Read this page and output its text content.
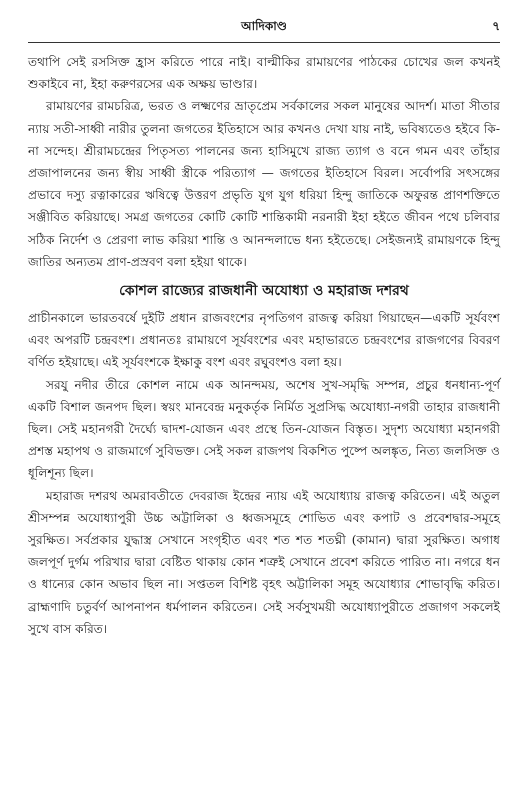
আদিকাণ্ড	৭

তথাপি সেই রসসিক্ত হ্রাস করিতে পারে নাই। বাল্মীকির রামায়ণের পাঠকের চোখের জল কখনই শুকাইবে না, ইহা করুণরসের এক অক্ষয় ভাণ্ডার।

রামায়ণের রামচরিত্র, ভরত ও লক্ষ্মণের ভ্রাতৃপ্রেম সর্বকালের সকল মানুষের আদর্শ। মাতা সীতার ন্যায় সতী-সাধ্বী নারীর তুলনা জগতের ইতিহাসে আর কখনও দেখা যায় নাই, ভবিষ্যতেও হইবে কি-না সন্দেহ। শ্রীরামচন্দ্রের পিতৃসত্য পালনের জন্য হাসিমুখে রাজ্য ত্যাগ ও বনে গমন এবং তাঁহার প্রজাপালনের জন্য স্বীয় সাধ্বী স্ত্রীকে পরিত্যাগ — জগতের ইতিহাসে বিরল। সর্বোপরি সৎসঙ্গের প্রভাবে দস্যু রত্নাকারের ঋষিত্বে উত্তরণ প্রভৃতি যুগ যুগ ধরিয়া হিন্দু জাতিকে অফুরন্ত প্রাণশক্তিতে সঞ্জীবিত করিয়াছে। সমগ্র জগতের কোটি কোটি শান্তিকামী নরনারী ইহা হইতে জীবন পথে চলিবার সঠিক নির্দেশ ও প্রেরণা লাভ করিয়া শান্তি ও আনন্দলাভে ধন্য হইতেছে। সেইজন্যই রামায়ণকে হিন্দু জাতির অন্যতম প্রাণ-প্রস্রবণ বলা হইয়া থাকে।

কোশল রাজ্যের রাজধানী অযোধ্যা ও মহারাজ দশরথ

প্রাচীনকালে ভারতবর্ষে দুইটি প্রধান রাজবংশের নৃপতিগণ রাজত্ব করিয়া গিয়াছেন—একটি সূর্যবংশ এবং অপরটি চন্দ্রবংশ। প্রধানতঃ রামায়ণে সূর্যবংশের এবং মহাভারতে চন্দ্রবংশের রাজগণের বিবরণ বর্ণিত হইয়াছে। এই সূর্যবংশকে ইক্ষাকু বংশ এবং রঘুবংশও বলা হয়।

সরযু নদীর তীরে কোশল নামে এক আনন্দময়, অশেষ সুখ-সমৃদ্ধি সম্পন্ন, প্রচুর ধনধান্য-পূর্ণ একটি বিশাল জনপদ ছিল। স্বয়ং মানবেন্দ্র মনুকর্তৃক নির্মিত সুপ্রসিদ্ধ অযোধ্যা-নগরী তাহার রাজধানী ছিল। সেই মহানগরী দৈর্ঘ্যে দ্বাদশ-যোজন এবং প্রস্থে তিন-যোজন বিস্তৃত। সুদৃশ্য অযোধ্যা মহানগরী প্রশস্ত মহাপথ ও রাজমার্গে সুবিভক্ত। সেই সকল রাজপথ বিকশিত পুষ্পে অলঙ্কৃত, নিত্য জলসিক্ত ও ধূলিশূন্য ছিল।

মহারাজ দশরথ অমরাবতীতে দেবরাজ ইন্দ্রের ন্যায় এই অযোধ্যায় রাজত্ব করিতেন। এই অতুল শ্রীসম্পন্ন অযোধ্যাপুরী উচ্চ অট্টালিকা ও ধ্বজসমূহে শোভিত এবং কপাট ও প্রবেশদ্বার-সমূহে সুরক্ষিত। সর্বপ্রকার যুদ্ধাস্ত্র সেখানে সংগৃহীত এবং শত শত শতঘ্নী (কামান) দ্বারা সুরক্ষিত। অগাধ জলপূর্ণ দুর্গম পরিখার দ্বারা বেষ্টিত থাকায় কোন শত্রুই সেখানে প্রবেশ করিতে পারিত না। নগরে ধন ও ধান্যের কোন অভাব ছিল না। সপ্ততল বিশিষ্ট বৃহৎ অট্টালিকা সমূহ অযোধ্যার শোভাবৃদ্ধি করিত। ব্রাহ্মণাদি চতুর্বর্ণ আপনাপন ধর্মপালন করিতেন। সেই সর্বসুখময়ী অযোধ্যাপুরীতে প্রজাগণ সকলেই সুখে বাস করিত।
